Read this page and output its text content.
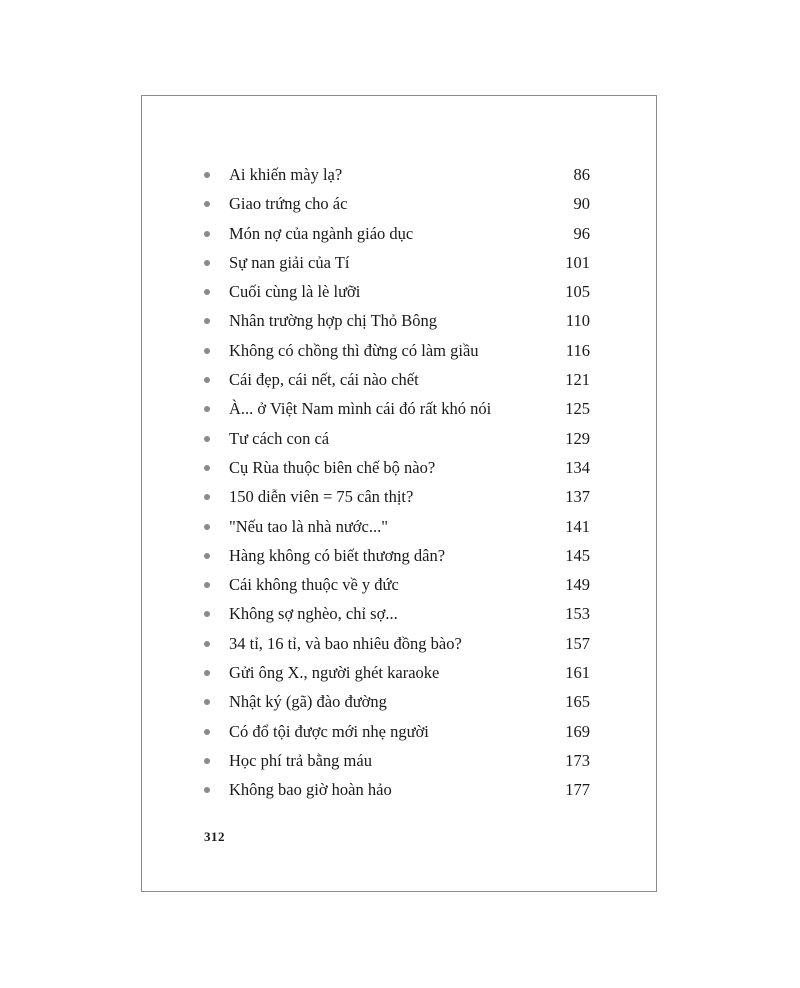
Ai khiến mày lạ?	86
Giao trứng cho ác	90
Món nợ của ngành giáo dục	96
Sự nan giải của Tí	101
Cuối cùng là lè lưỡi	105
Nhân trường hợp chị Thỏ Bông	110
Không có chồng thì đừng có làm giầu	116
Cái đẹp, cái nết, cái nào chết	121
À... ở Việt Nam mình cái đó rất khó nói	125
Tư cách con cá	129
Cụ Rùa thuộc biên chế bộ nào?	134
150 diễn viên = 75 cân thịt?	137
"Nếu tao là nhà nước..."	141
Hàng không có biết thương dân?	145
Cái không thuộc về y đức	149
Không sợ nghèo, chỉ sợ...	153
34 tỉ, 16 tỉ, và bao nhiêu đồng bào?	157
Gửi ông X., người ghét karaoke	161
Nhật ký (gã) đào đường	165
Có đổ tội được mới nhẹ người	169
Học phí trả bằng máu	173
Không bao giờ hoàn hảo	177
312
